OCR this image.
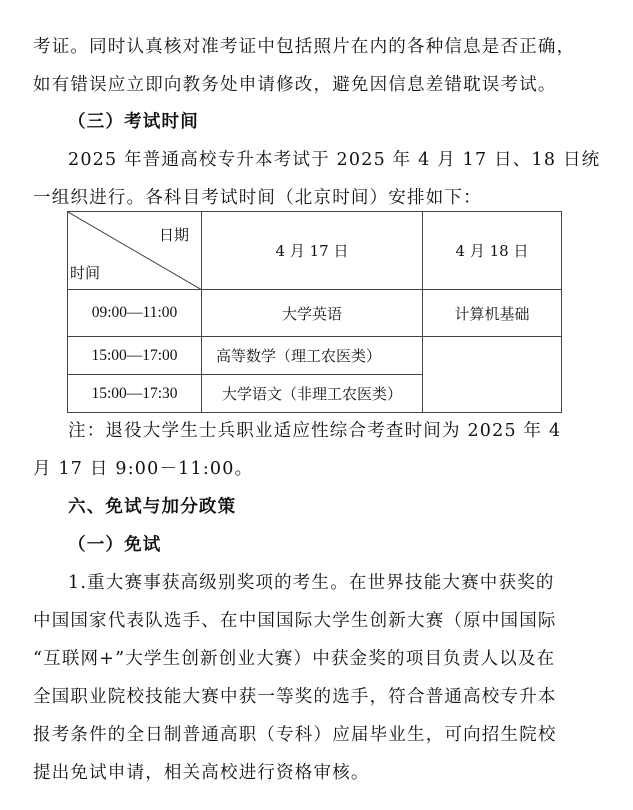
考证。同时认真核对准考证中包括照片在内的各种信息是否正确，
如有错误应立即向教务处申请修改，避免因信息差错耽误考试。
（三）考试时间
2025 年普通高校专升本考试于 2025 年 4 月 17 日、18 日统
一组织进行。各科目考试时间（北京时间）安排如下：
日期
时间	4 月 17 日	4 月 18 日
09:00—11:00	大学英语	计算机基础
15:00—17:00	高等数学（理工农医类）	
15:00—17:30	大学语文（非理工农医类）	
注：退役大学生士兵职业适应性综合考查时间为 2025 年 4
月 17 日 9:00－11:00。
六、免试与加分政策
（一）免试
1.重大赛事获高级别奖项的考生。在世界技能大赛中获奖的
中国国家代表队选手、在中国国际大学生创新大赛（原中国国际
“互联网+”大学生创新创业大赛）中获金奖的项目负责人以及在
全国职业院校技能大赛中获一等奖的选手，符合普通高校专升本
报考条件的全日制普通高职（专科）应届毕业生，可向招生院校
提出免试申请，相关高校进行资格审核。
